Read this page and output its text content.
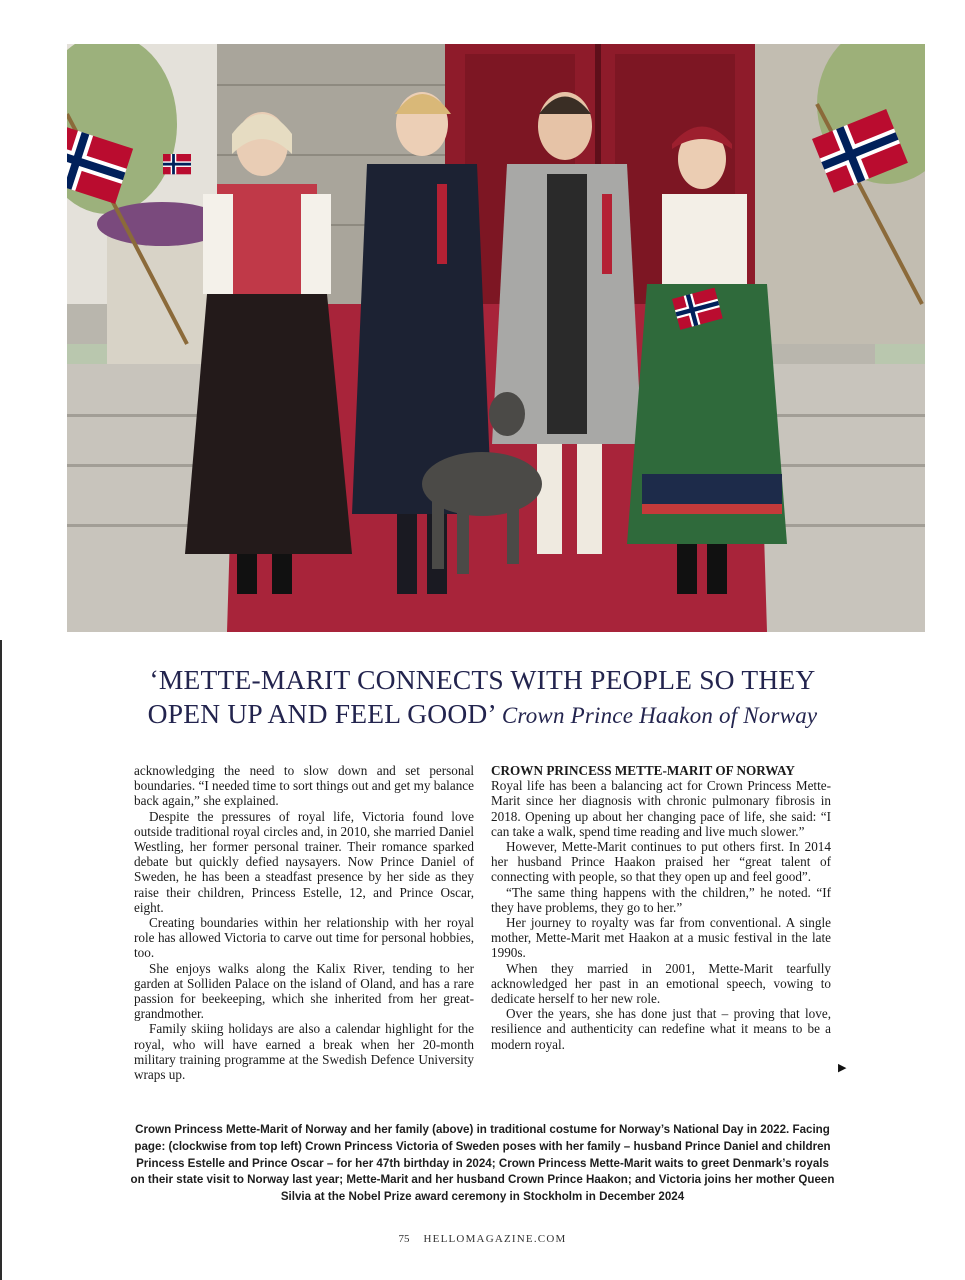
‘METTE-MARIT CONNECTS WITH PEOPLE SO THEY
OPEN UP AND FEEL GOOD’ Crown Prince Haakon of Norway

acknowledging the need to slow down and set personal boundaries. “I needed time to sort things out and get my balance back again,” she explained.

Despite the pressures of royal life, Victoria found love outside traditional royal circles and, in 2010, she married Daniel Westling, her former personal trainer. Their romance sparked debate but quickly defied naysayers. Now Prince Daniel of Sweden, he has been a steadfast presence by her side as they raise their children, Princess Estelle, 12, and Prince Oscar, eight.

Creating boundaries within her relationship with her royal role has allowed Victoria to carve out time for personal hobbies, too.

She enjoys walks along the Kalix River, tending to her garden at Solliden Palace on the island of Oland, and has a rare passion for beekeeping, which she inherited from her great-grandmother.

Family skiing holidays are also a calendar highlight for the royal, who will have earned a break when her 20-month military training programme at the Swedish Defence University wraps up.

CROWN PRINCESS METTE-MARIT OF NORWAY

Royal life has been a balancing act for Crown Princess Mette-Marit since her diagnosis with chronic pulmonary fibrosis in 2018. Opening up about her changing pace of life, she said: “I can take a walk, spend time reading and live much slower.”

However, Mette-Marit continues to put others first. In 2014 her husband Prince Haakon praised her “great talent of connecting with people, so that they open up and feel good”.

“The same thing happens with the children,” he noted. “If they have problems, they go to her.”

Her journey to royalty was far from conventional. A single mother, Mette-Marit met Haakon at a music festival in the late 1990s.

When they married in 2001, Mette-Marit tearfully acknowledged her past in an emotional speech, vowing to dedicate herself to her new role.

Over the years, she has done just that – proving that love, resilience and authenticity can redefine what it means to be a modern royal.

▶
Crown Princess Mette-Marit of Norway and her family (above) in traditional costume for Norway’s National Day in 2022. Facing page: (clockwise from top left) Crown Princess Victoria of Sweden poses with her family – husband Prince Daniel and children Princess Estelle and Prince Oscar – for her 47th birthday in 2024; Crown Princess Mette-Marit waits to greet Denmark’s royals on their state visit to Norway last year; Mette-Marit and her husband Crown Prince Haakon; and Victoria joins her mother Queen Silvia at the Nobel Prize award ceremony in Stockholm in December 2024
75 HELLOMAGAZINE.COM
